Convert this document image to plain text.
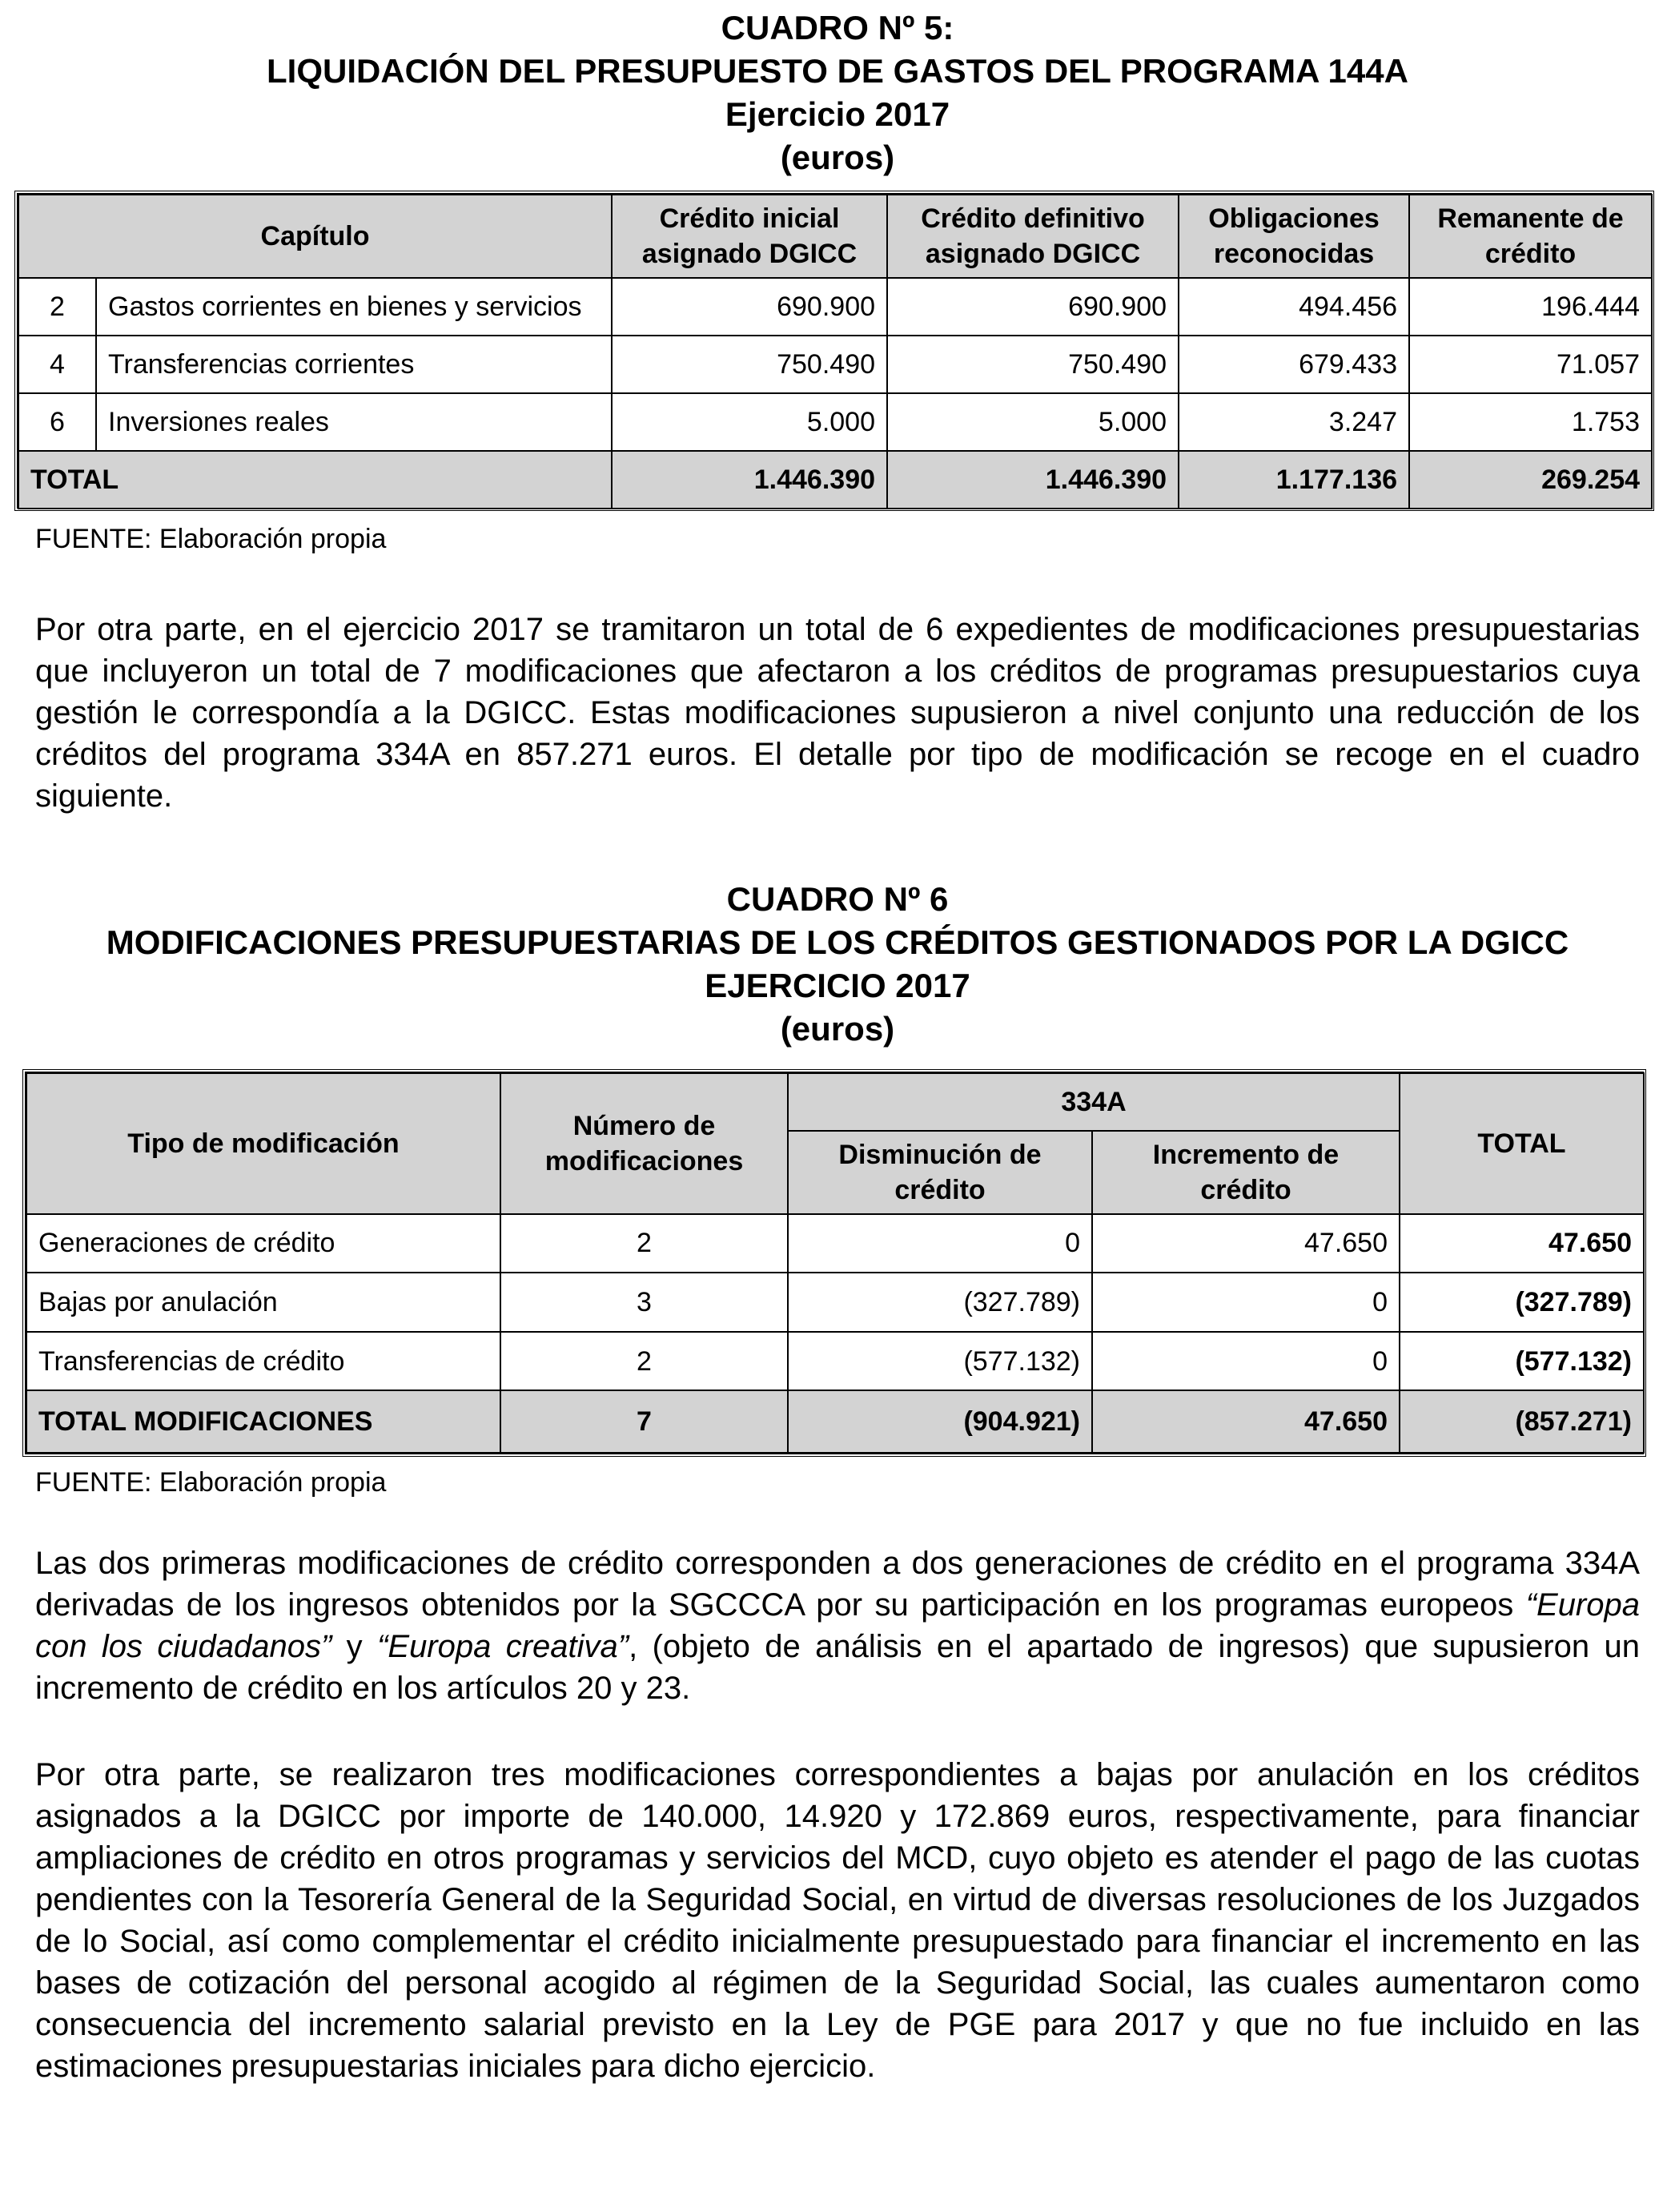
CUADRO Nº 5:
LIQUIDACIÓN DEL PRESUPUESTO DE GASTOS DEL PROGRAMA 144A
Ejercicio 2017
(euros)
Capítulo		Crédito inicial asignado DGICC	Crédito definitivo asignado DGICC	Obligaciones reconocidas	Remanente de crédito
2	Gastos corrientes en bienes y servicios	690.900	690.900	494.456	196.444
4	Transferencias corrientes	750.490	750.490	679.433	71.057
6	Inversiones reales	5.000	5.000	3.247	1.753
TOTAL		1.446.390	1.446.390	1.177.136	269.254
FUENTE: Elaboración propia
Por otra parte, en el ejercicio 2017 se tramitaron un total de 6 expedientes de modificaciones presupuestarias que incluyeron un total de 7 modificaciones que afectaron a los créditos de programas presupuestarios cuya gestión le correspondía a la DGICC. Estas modificaciones supusieron a nivel conjunto una reducción de los créditos del programa 334A en 857.271 euros. El detalle por tipo de modificación se recoge en el cuadro siguiente.
CUADRO Nº 6
MODIFICACIONES PRESUPUESTARIAS DE LOS CRÉDITOS GESTIONADOS POR LA DGICC
EJERCICIO 2017
(euros)
Tipo de modificación	Número de modificaciones	334A		TOTAL
		Disminución de crédito	Incremento de crédito	
Generaciones de crédito	2	0	47.650	47.650
Bajas por anulación	3	(327.789)	0	(327.789)
Transferencias de crédito	2	(577.132)	0	(577.132)
TOTAL MODIFICACIONES	7	(904.921)	47.650	(857.271)
FUENTE: Elaboración propia
Las dos primeras modificaciones de crédito corresponden a dos generaciones de crédito en el programa 334A derivadas de los ingresos obtenidos por la SGCCCA por su participación en los programas europeos “Europa con los ciudadanos” y “Europa creativa”, (objeto de análisis en el apartado de ingresos) que supusieron un incremento de crédito en los artículos 20 y 23.
Por otra parte, se realizaron tres modificaciones correspondientes a bajas por anulación en los créditos asignados a la DGICC por importe de 140.000, 14.920 y 172.869 euros, respectivamente, para financiar ampliaciones de crédito en otros programas y servicios del MCD, cuyo objeto es atender el pago de las cuotas pendientes con la Tesorería General de la Seguridad Social, en virtud de diversas resoluciones de los Juzgados de lo Social, así como complementar el crédito inicialmente presupuestado para financiar el incremento en las bases de cotización del personal acogido al régimen de la Seguridad Social, las cuales aumentaron como consecuencia del incremento salarial previsto en la Ley de PGE para 2017 y que no fue incluido en las estimaciones presupuestarias iniciales para dicho ejercicio.
